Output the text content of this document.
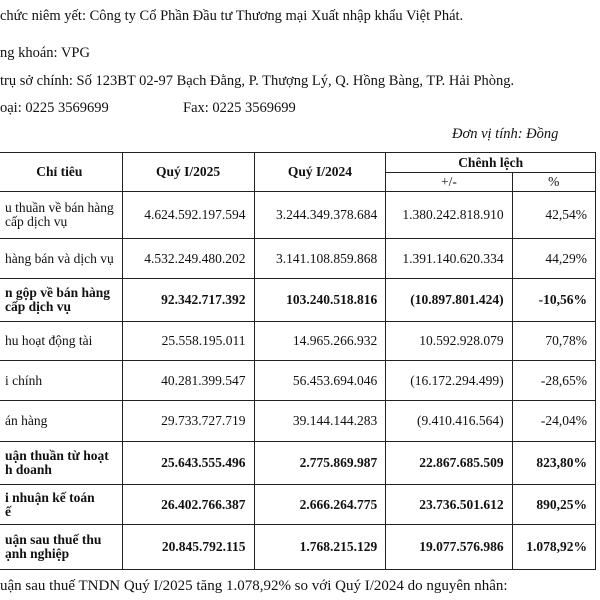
chức niêm yết: Công ty Cổ Phần Đầu tư Thương mại Xuất nhập khẩu Việt Phát.
ng khoán: VPG
trụ sở chính: Số 123BT 02-97 Bạch Đằng, P. Thượng Lý, Q. Hồng Bàng, TP. Hải Phòng.
oại: 0225 3569699	Fax: 0225 3569699
Đơn vị tính: Đồng
Chỉ tiêu	Quý I/2025	Quý I/2024	Chênh lệch	
			+/-	%

u thuần về bán hàng
cấp dịch vụ	4.624.592.197.594	3.244.349.378.684	1.380.242.818.910	42,54%

hàng bán và dịch vụ	4.532.249.480.202	3.141.108.859.868	1.391.140.620.334	44,29%

n gộp về bán hàng
cấp dịch vụ	92.342.717.392	103.240.518.816	(10.897.801.424)	-10,56%

hu hoạt động tài	25.558.195.011	14.965.266.932	10.592.928.079	70,78%

i chính	40.281.399.547	56.453.694.046	(16.172.294.499)	-28,65%

án hàng	29.733.727.719	39.144.144.283	(9.410.416.564)	-24,04%

uận thuần từ hoạt
h doanh	25.643.555.496	2.775.869.987	22.867.685.509	823,80%

i nhuận kế toán
ế	26.402.766.387	2.666.264.775	23.736.501.612	890,25%

uận sau thuế thu
ạnh nghiệp	20.845.792.115	1.768.215.129	19.077.576.986	1.078,92%
uận sau thuế TNDN Quý I/2025 tăng 1.078,92% so với Quý I/2024 do nguyên nhân:
